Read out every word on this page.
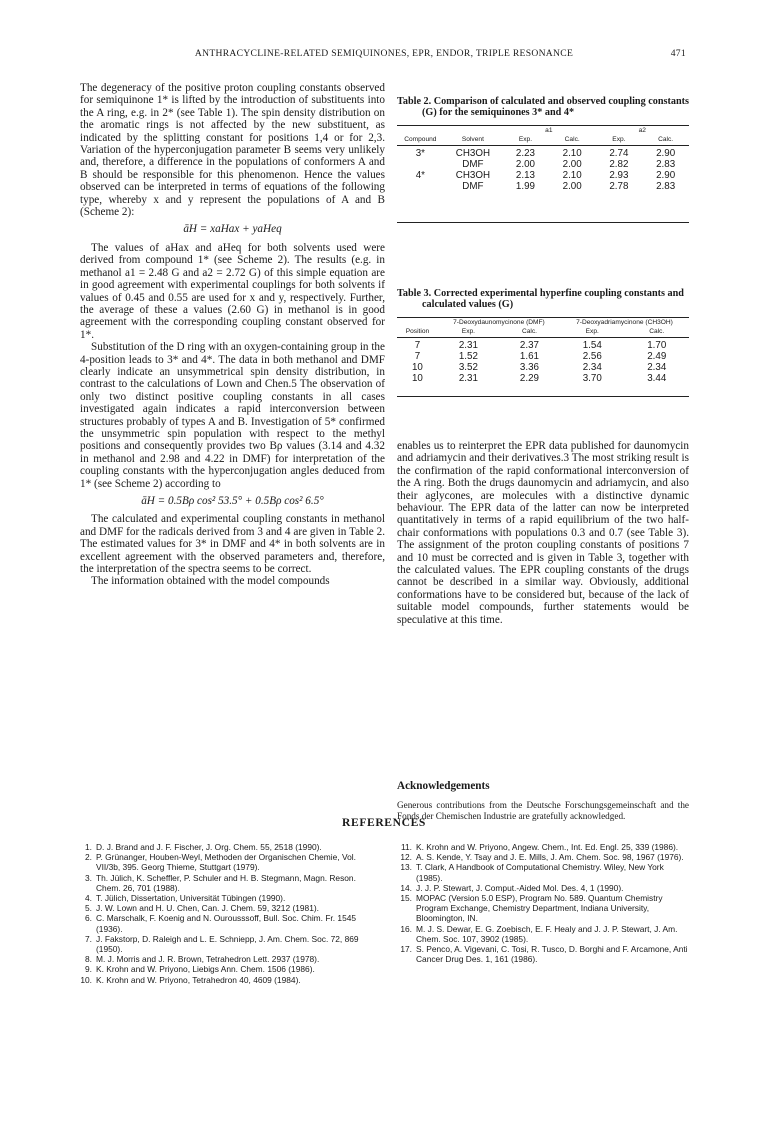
ANTHRACYCLINE-RELATED SEMIQUINONES, EPR, ENDOR, TRIPLE RESONANCE	471

The degeneracy of the positive proton coupling constants observed for semiquinone 1* is lifted by the introduction of substituents into the A ring, e.g. in 2* (see Table 1). The spin density distribution on the aromatic rings is not affected by the new substituent, as indicated by the splitting constant for positions 1,4 or for 2,3. Variation of the hyperconjugation parameter B seems very unlikely and, therefore, a difference in the populations of conformers A and B should be responsible for this phenomenon. Hence the values observed can be interpreted in terms of equations of the following type, whereby x and y represent the populations of A and B (Scheme 2):

āH = xaHax + yaHeq

The values of aHax and aHeq for both solvents used were derived from compound 1* (see Scheme 2). The results (e.g. in methanol a1 = 2.48 G and a2 = 2.72 G) of this simple equation are in good agreement with experimental couplings for both solvents if values of 0.45 and 0.55 are used for x and y, respectively. Further, the average of these a values (2.60 G) in methanol is in good agreement with the corresponding coupling constant observed for 1*.

Substitution of the D ring with an oxygen-containing group in the 4-position leads to 3* and 4*. The data in both methanol and DMF clearly indicate an unsymmetrical spin density distribution, in contrast to the calculations of Lown and Chen.5 The observation of only two distinct positive coupling constants in all cases investigated again indicates a rapid interconversion between structures probably of types A and B. Investigation of 5* confirmed the unsymmetric spin population with respect to the methyl positions and consequently provides two Bρ values (3.14 and 4.32 in methanol and 2.98 and 4.22 in DMF) for interpretation of the coupling constants with the hyperconjugation angles deduced from 1* (see Scheme 2) according to

āH = 0.5Bρ cos² 53.5° + 0.5Bρ cos² 6.5°

The calculated and experimental coupling constants in methanol and DMF for the radicals derived from 3 and 4 are given in Table 2. The estimated values for 3* in DMF and 4* in both solvents are in excellent agreement with the observed parameters and, therefore, the interpretation of the spectra seems to be correct.

The information obtained with the model compounds

Table 2. Comparison of calculated and observed coupling constants (G) for the semiquinones 3* and 4*
		a1		a2	
Compound	Solvent	Exp.	Calc.	Exp.	Calc.

3*	CH3OH	2.23	2.10	2.74	2.90
	DMF	2.00	2.00	2.82	2.83
4*	CH3OH	2.13	2.10	2.93	2.90
	DMF	1.99	2.00	2.78	2.83
Table 3. Corrected experimental hyperfine coupling constants and calculated values (G)
	7-Deoxydaunomycinone (DMF)		7-Deoxyadriamycinone (CH3OH)	
Position	Exp.	Calc.	Exp.	Calc.

7	2.31	2.37	1.54	1.70
7	1.52	1.61	2.56	2.49
10	3.52	3.36	2.34	2.34
10	2.31	2.29	3.70	3.44

enables us to reinterpret the EPR data published for daunomycin and adriamycin and their derivatives.3 The most striking result is the confirmation of the rapid conformational interconversion of the A ring. Both the drugs daunomycin and adriamycin, and also their aglycones, are molecules with a distinctive dynamic behaviour. The EPR data of the latter can now be interpreted quantitatively in terms of a rapid equilibrium of the two half-chair conformations with populations 0.3 and 0.7 (see Table 3). The assignment of the proton coupling constants of positions 7 and 10 must be corrected and is given in Table 3, together with the calculated values. The EPR coupling constants of the drugs cannot be described in a similar way. Obviously, additional conformations have to be considered but, because of the lack of suitable model compounds, further statements would be speculative at this time.

Acknowledgements
Generous contributions from the Deutsche Forschungsgemeinschaft and the Fonds der Chemischen Industrie are gratefully acknowledged.
REFERENCES
1. D. J. Brand and J. F. Fischer, J. Org. Chem. 55, 2518 (1990).
2. P. Grünanger, Houben-Weyl, Methoden der Organischen Chemie, Vol. VII/3b, 395. Georg Thieme, Stuttgart (1979).
3. Th. Jülich, K. Scheffler, P. Schuler and H. B. Stegmann, Magn. Reson. Chem. 26, 701 (1988).
4. T. Jülich, Dissertation, Universität Tübingen (1990).
5. J. W. Lown and H. U. Chen, Can. J. Chem. 59, 3212 (1981).
6. C. Marschalk, F. Koenig and N. Ourousssoff, Bull. Soc. Chim. Fr. 1545 (1936).
7. J. Fakstorp, D. Raleigh and L. E. Schniepp, J. Am. Chem. Soc. 72, 869 (1950).
8. M. J. Morris and J. R. Brown, Tetrahedron Lett. 2937 (1978).
9. K. Krohn and W. Priyono, Liebigs Ann. Chem. 1506 (1986).
10. K. Krohn and W. Priyono, Tetrahedron 40, 4609 (1984).
11. K. Krohn and W. Priyono, Angew. Chem., Int. Ed. Engl. 25, 339 (1986).
12. A. S. Kende, Y. Tsay and J. E. Mills, J. Am. Chem. Soc. 98, 1967 (1976).
13. T. Clark, A Handbook of Computational Chemistry. Wiley, New York (1985).
14. J. J. P. Stewart, J. Comput.-Aided Mol. Des. 4, 1 (1990).
15. MOPAC (Version 5.0 ESP), Program No. 589. Quantum Chemistry Program Exchange, Chemistry Department, Indiana University, Bloomington, IN.
16. M. J. S. Dewar, E. G. Zoebisch, E. F. Healy and J. J. P. Stewart, J. Am. Chem. Soc. 107, 3902 (1985).
17. S. Penco, A. Vigevani, C. Tosi, R. Tusco, D. Borghi and F. Arcamone, Anti Cancer Drug Des. 1, 161 (1986).
